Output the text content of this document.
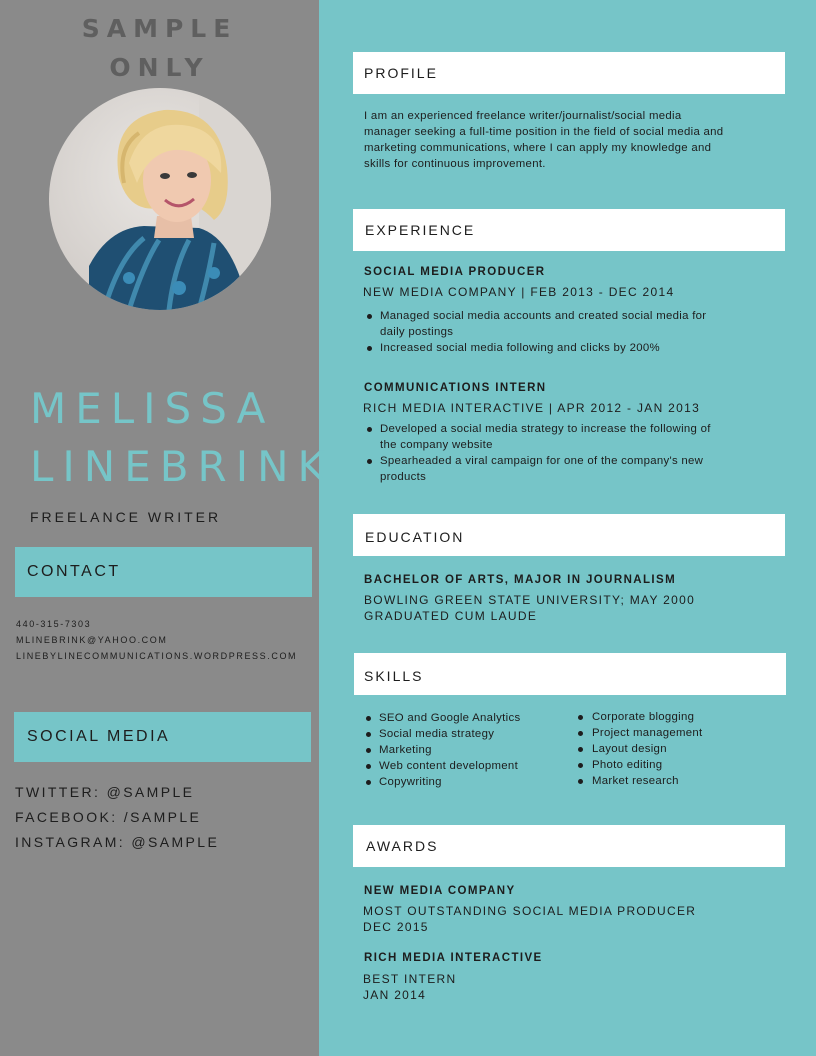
SAMPLE
ONLY
MELISSA
LINEBRINK
FREELANCE WRITER
CONTACT
440-315-7303
MLINEBRINK@YAHOO.COM
LINEBYLINECOMMUNICATIONS.WORDPRESS.COM
SOCIAL MEDIA
TWITTER: @SAMPLE
FACEBOOK: /SAMPLE
INSTAGRAM: @SAMPLE
PROFILE
I am an experienced freelance writer/journalist/social media
manager seeking a full-time position in the field of social media and
marketing communications, where I can apply my knowledge and
skills for continuous improvement.
EXPERIENCE
SOCIAL MEDIA PRODUCER
NEW MEDIA COMPANY | FEB 2013 - DEC 2014
Managed social media accounts and created social media for
daily postings
Increased social media following and clicks by 200%
COMMUNICATIONS INTERN
RICH MEDIA INTERACTIVE | APR 2012 - JAN 2013
Developed a social media strategy to increase the following of
the company website
Spearheaded a viral campaign for one of the company's new
products
EDUCATION
BACHELOR OF ARTS, MAJOR IN JOURNALISM
BOWLING GREEN STATE UNIVERSITY; MAY 2000
GRADUATED CUM LAUDE
SKILLS
SEO and Google Analytics
Social media strategy
Marketing
Web content development
Copywriting
Corporate blogging
Project management
Layout design
Photo editing
Market research
AWARDS
NEW MEDIA COMPANY
MOST OUTSTANDING SOCIAL MEDIA PRODUCER
DEC 2015
RICH MEDIA INTERACTIVE
BEST INTERN
JAN 2014
